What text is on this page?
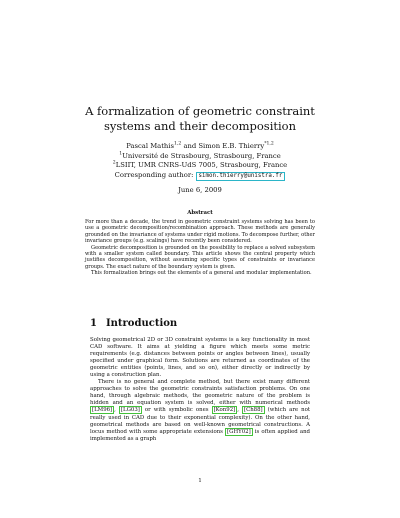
A formalization of geometric constraint systems and their decomposition
Pascal Mathis$^{1,2}$ and Simon E.B. Thierry$^{*1,2}$
$^1$Université de Strasbourg, Strasbourg, France
$^2$LSIIT, UMR CNRS-UdS 7005, Strasbourg, France
Corresponding author: simon.thierry@unistra.fr
June 6, 2009
Abstract

For more than a decade, the trend in geometric constraint systems solving has been to use a geometric decomposition/recombination approach. These methods are generally grounded on the invariance of systems under rigid motions. To decompose further, other invariance groups (e.g. scalings) have recently been considered.

Geometric decomposition is grounded on the possibility to replace a solved subsystem with a smaller system called boundary. This article shows the central property which justifies decomposition, without assuming specific types of constraints or invariance groups. The exact nature of the boundary system is given.

This formalization brings out the elements of a general and modular implementation.

1 Introduction

Solving geometrical 2D or 3D constraint systems is a key functionality in most CAD software. It aims at yielding a figure which meets some metric requirements (e.g. distances between points or angles between lines), usually specified under graphical form. Solutions are returned as coordinates of the geometric entities (points, lines, and so on), either directly or indirectly by using a construction plan.

There is no general and complete method, but there exist many different approaches to solve the geometric constraints satisfaction problems. On one hand, through algebraic methods, the geometric nature of the problem is hidden and an equation system is solved, either with numerical methods [LM96] , [LG03] or with symbolic ones [Kon92] , [Ch88] (which are not really used in CAD due to their exponential complexity). On the other hand, geometrical methods are based on well-known geometrical constructions. A locus method with some appropriate extensions [GHY02] is often applied and implemented as a graph

1
